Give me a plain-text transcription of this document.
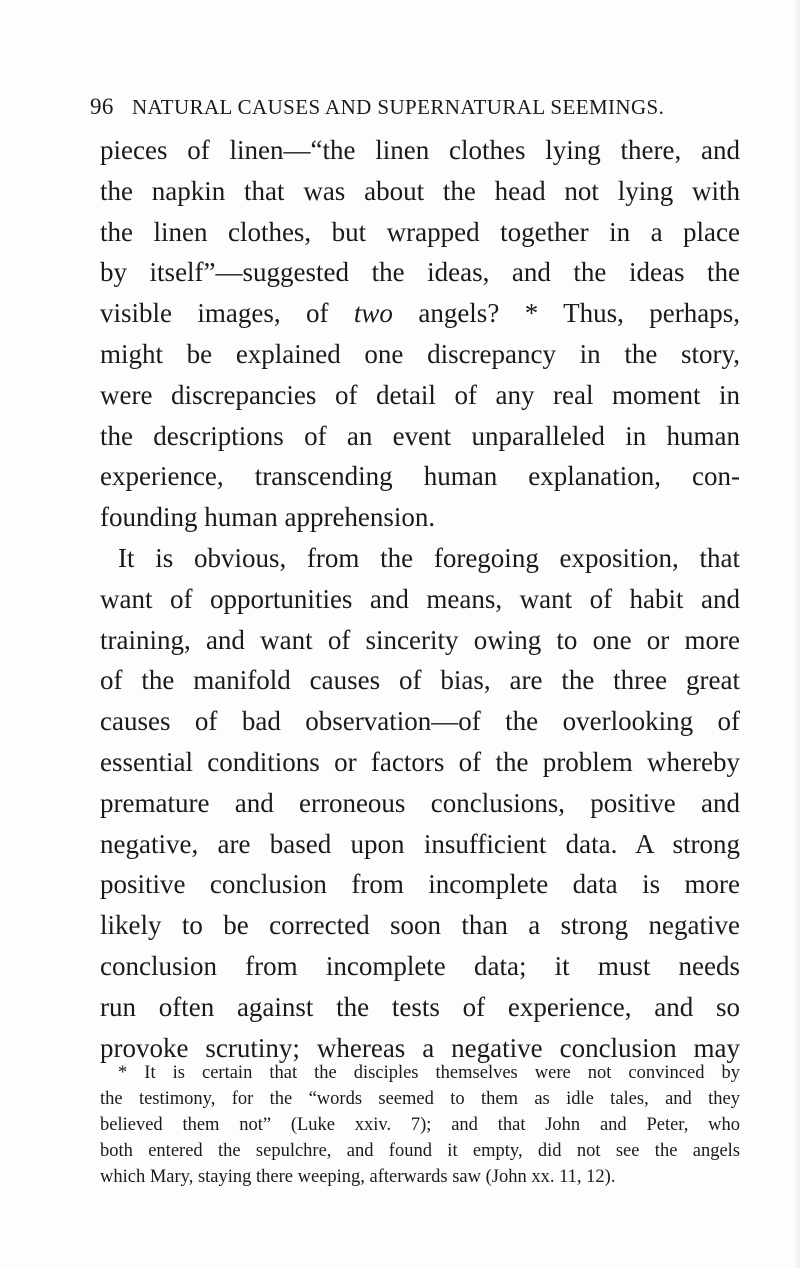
96 NATURAL CAUSES AND SUPERNATURAL SEEMINGS.
pieces of linen—“the linen clothes lying there, and
the napkin that was about the head not lying with
the linen clothes, but wrapped together in a place
by itself”—suggested the ideas, and the ideas the
visible images, of two angels? * Thus, perhaps,
might be explained one discrepancy in the story,
were discrepancies of detail of any real moment in
the descriptions of an event unparalleled in human
experience, transcending human explanation, con-
founding human apprehension.
It is obvious, from the foregoing exposition, that
want of opportunities and means, want of habit and
training, and want of sincerity owing to one or more
of the manifold causes of bias, are the three great
causes of bad observation—of the overlooking of
essential conditions or factors of the problem whereby
premature and erroneous conclusions, positive and
negative, are based upon insufficient data. A strong
positive conclusion from incomplete data is more
likely to be corrected soon than a strong negative
conclusion from incomplete data; it must needs
run often against the tests of experience, and so
provoke scrutiny; whereas a negative conclusion may
* It is certain that the disciples themselves were not convinced by
the testimony, for the “words seemed to them as idle tales, and they
believed them not” (Luke xxiv. 7); and that John and Peter, who
both entered the sepulchre, and found it empty, did not see the angels
which Mary, staying there weeping, afterwards saw (John xx. 11, 12).
